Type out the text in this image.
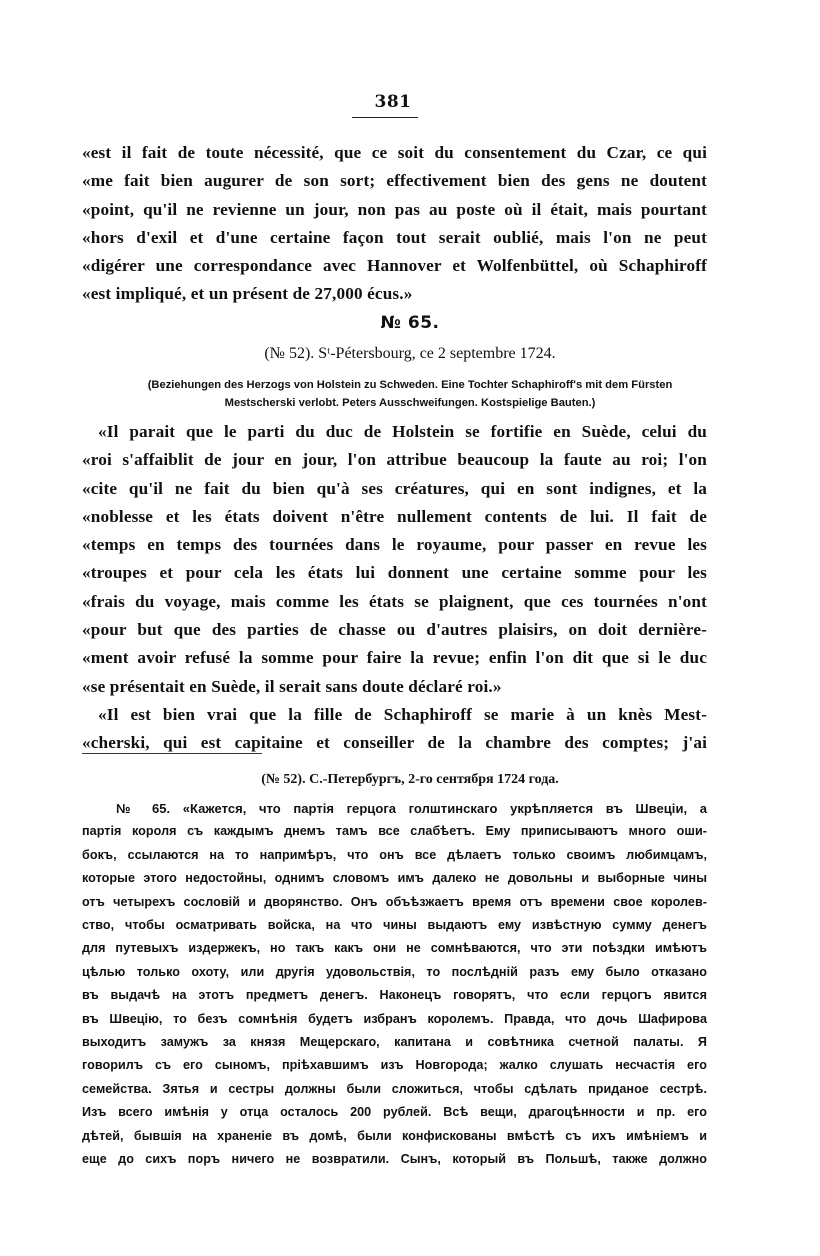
381
«est il fait de toute nécessité, que ce soit du consentement du Czar, ce qui
«me fait bien augurer de son sort; effectivement bien des gens ne doutent
«point, qu'il ne revienne un jour, non pas au poste où il était, mais pourtant
«hors d'exil et d'une certaine façon tout serait oublié, mais l'on ne peut
«digérer une correspondance avec Hannover et Wolfenbüttel, où Schaphiroff
«est impliqué, et un présent de 27,000 écus.»
№ 65.
(№ 52). Sᵗ-Pétersbourg, ce 2 septembre 1724.
(Beziehungen des Herzogs von Holstein zu Schweden. Eine Tochter Schaphiroff's mit dem Fürsten
Mestscherski verlobt. Peters Ausschweifungen. Kostspielige Bauten.)
«Il parait que le parti du duc de Holstein se fortifie en Suède, celui du
«roi s'affaiblit de jour en jour, l'on attribue beaucoup la faute au roi; l'on
«cite qu'il ne fait du bien qu'à ses créatures, qui en sont indignes, et la
«noblesse et les états doivent n'être nullement contents de lui. Il fait de
«temps en temps des tournées dans le royaume, pour passer en revue les
«troupes et pour cela les états lui donnent une certaine somme pour les
«frais du voyage, mais comme les états se plaignent, que ces tournées n'ont
«pour but que des parties de chasse ou d'autres plaisirs, on doit dernière-
«ment avoir refusé la somme pour faire la revue; enfin l'on dit que si le duc
«se présentait en Suède, il serait sans doute déclaré roi.»
«Il est bien vrai que la fille de Schaphiroff se marie à un knès Mest-
«cherski, qui est capitaine et conseiller de la chambre des comptes; j'ai
(№ 52). С.-Петербургъ, 2-го сентября 1724 года.
№ 65. «Кажется, что партія герцога голштинскаго укрѣпляется въ Швеціи, а
партія короля съ каждымъ днемъ тамъ все слабѣетъ. Ему приписываютъ много оши-
бокъ, ссылаются на то напримѣръ, что онъ все дѣлаетъ только своимъ любимцамъ,
которые этого недостойны, однимъ словомъ имъ далеко не довольны и выборные чины
отъ четырехъ сословій и дворянство. Онъ объѣзжаетъ время отъ времени свое королев-
ство, чтобы осматривать войска, на что чины выдаютъ ему извѣстную сумму денегъ
для путевыхъ издержекъ, но такъ какъ они не сомнѣваются, что эти поѣздки имѣютъ
цѣлью только охоту, или другія удовольствія, то послѣдній разъ ему было отказано
въ выдачѣ на этотъ предметъ денегъ. Наконецъ говорятъ, что если герцогъ явится
въ Швецію, то безъ сомнѣнія будетъ избранъ королемъ. Правда, что дочь Шафирова
выходитъ замужъ за князя Мещерскаго, капитана и совѣтника счетной палаты. Я
говорилъ съ его сыномъ, пріѣхавшимъ изъ Новгорода; жалко слушать несчастія его
семейства. Зятья и сестры должны были сложиться, чтобы сдѣлать приданое сестрѣ.
Изъ всего имѣнія у отца осталось 200 рублей. Всѣ вещи, драгоцѣнности и пр. его
дѣтей, бывшія на храненіе въ домѣ, были конфискованы вмѣстѣ съ ихъ имѣніемъ и
еще до сихъ поръ ничего не возвратили. Сынъ, который въ Польшѣ, также должно
